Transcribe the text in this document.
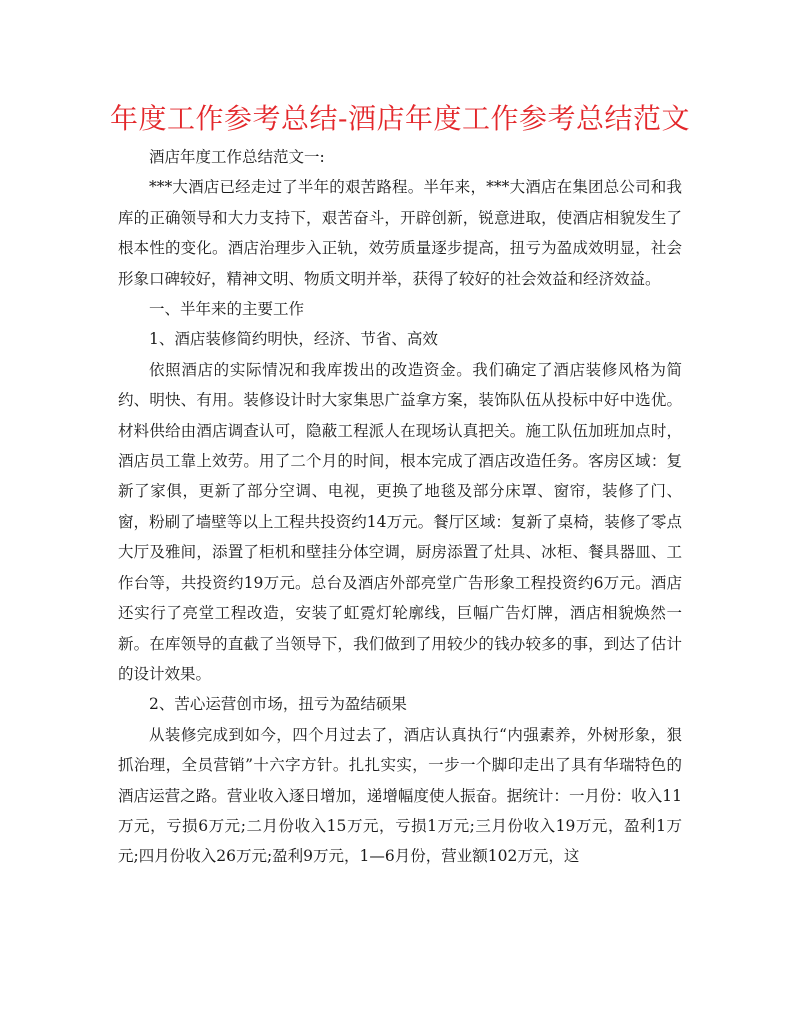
年度工作参考总结-酒店年度工作参考总结范文

酒店年度工作总结范文一:

***大酒店已经走过了半年的艰苦路程。半年来，***大酒店在集团总公司和我库的正确领导和大力支持下，艰苦奋斗，开辟创新，锐意进取，使酒店相貌发生了根本性的变化。酒店治理步入正轨，效劳质量逐步提高，扭亏为盈成效明显，社会形象口碑较好，精神文明、物质文明并举，获得了较好的社会效益和经济效益。

一、半年来的主要工作

1、酒店装修简约明快，经济、节省、高效

依照酒店的实际情况和我库拨出的改造资金。我们确定了酒店装修风格为简约、明快、有用。装修设计时大家集思广益拿方案，装饰队伍从投标中好中选优。材料供给由酒店调查认可，隐蔽工程派人在现场认真把关。施工队伍加班加点时，酒店员工靠上效劳。用了二个月的时间，根本完成了酒店改造任务。客房区域：复新了家俱，更新了部分空调、电视，更换了地毯及部分床罩、窗帘，装修了门、窗，粉刷了墙壁等以上工程共投资约14万元。餐厅区域：复新了桌椅，装修了零点大厅及雅间，添置了柜机和壁挂分体空调，厨房添置了灶具、冰柜、餐具器皿、工作台等，共投资约19万元。总台及酒店外部亮堂广告形象工程投资约6万元。酒店还实行了亮堂工程改造，安装了虹霓灯轮廓线，巨幅广告灯牌，酒店相貌焕然一新。在库领导的直截了当领导下，我们做到了用较少的钱办较多的事，到达了估计的设计效果。

2、苦心运营创市场，扭亏为盈结硕果

从装修完成到如今，四个月过去了，酒店认真执行“内强素养，外树形象，狠抓治理，全员营销”十六字方针。扎扎实实，一步一个脚印走出了具有华瑞特色的酒店运营之路。营业收入逐日增加，递增幅度使人振奋。据统计：一月份：收入11万元，亏损6万元;二月份收入15万元，亏损1万元;三月份收入19万元，盈利1万元;四月份收入26万元;盈利9万元，1—6月份，营业额102万元，这
